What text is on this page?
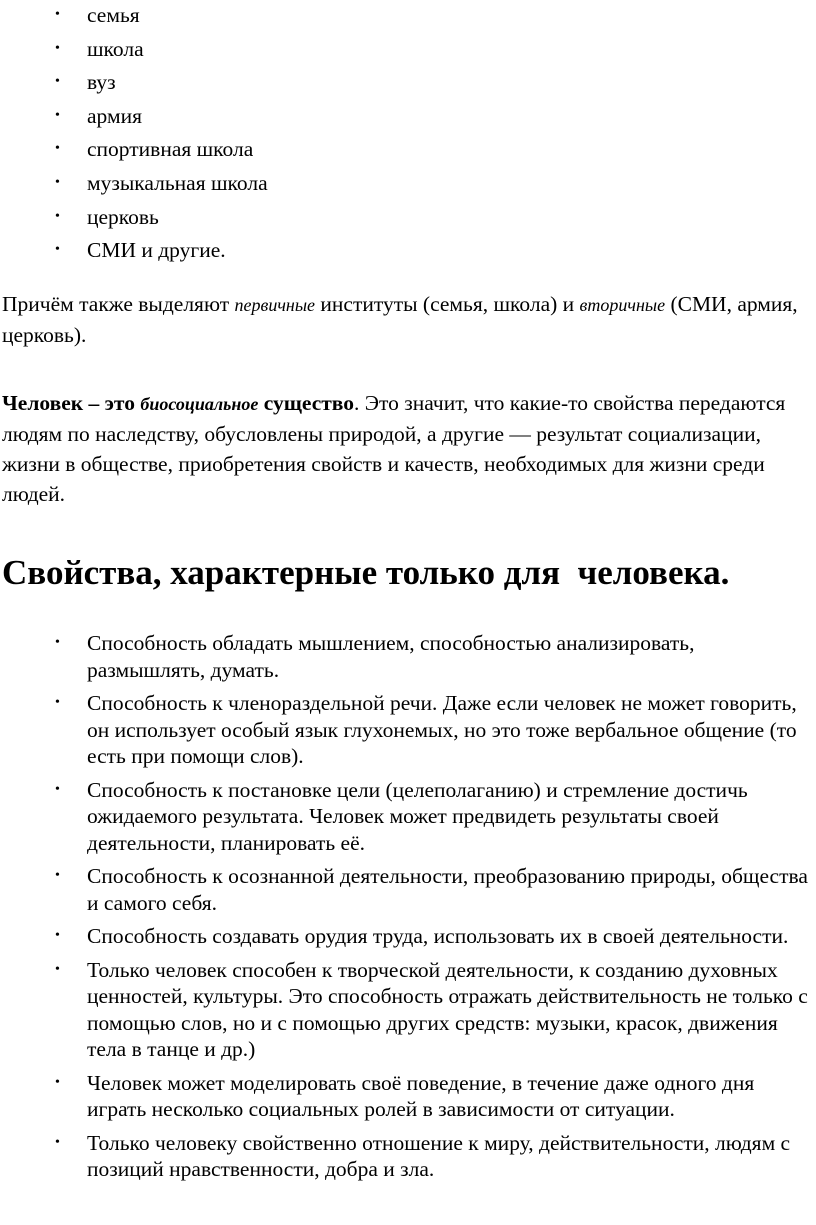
•	семья
•	школа
•	вуз
•	армия
•	спортивная школа
•	музыкальная школа
•	церковь
•	СМИ и другие.

Причём также выделяют первичные институты (семья, школа) и вторичные (СМИ, армия, церковь).

Человек – это биосоциальное существо. Это значит, что какие-то свойства передаются людям по наследству, обусловлены природой, а другие — результат социализации, жизни в обществе, приобретения свойств и качеств, необходимых для жизни среди людей.

Свойства, характерные только для  человека.
•	Способность обладать мышлением, способностью анализировать, размышлять, думать.
•	Способность к членораздельной речи. Даже если человек не может говорить, он использует особый язык глухонемых, но это тоже вербальное общение (то есть при помощи слов).
•	Способность к постановке цели (целеполаганию) и стремление достичь ожидаемого результата. Человек может предвидеть результаты своей деятельности, планировать её.
•	Способность к осознанной деятельности, преобразованию природы, общества и самого себя.
•	Способность создавать орудия труда, использовать их в своей деятельности.
•	Только человек способен к творческой деятельности, к созданию духовных ценностей, культуры. Это способность отражать действительность не только с помощью слов, но и с помощью других средств: музыки, красок, движения тела в танце и др.)
•	Человек может моделировать своё поведение, в течение даже одного дня играть несколько социальных ролей в зависимости от ситуации.
•	Только человеку свойственно отношение к миру, действительности, людям с позиций нравственности, добра и зла.
